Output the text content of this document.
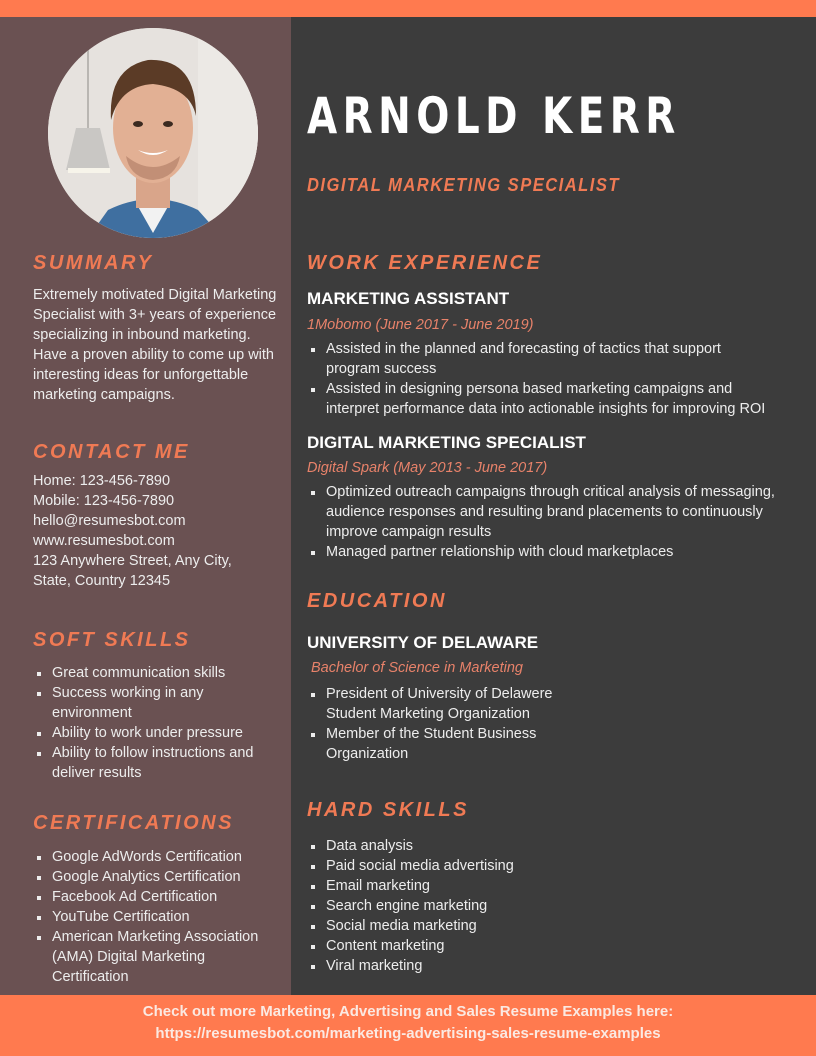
SUMMARY
Extremely motivated Digital Marketing Specialist with 3+ years of experience specializing in inbound marketing. Have a proven ability to come up with interesting ideas for unforgettable marketing campaigns.
CONTACT ME
Home: 123-456-7890
Mobile: 123-456-7890
hello@resumesbot.com
www.resumesbot.com
123 Anywhere Street, Any City,
State, Country 12345
SOFT SKILLS
Great communication skills
Success working in any environment
Ability to work under pressure
Ability to follow instructions and deliver results
CERTIFICATIONS
Google AdWords Certification
Google Analytics Certification
Facebook Ad Certification
YouTube Certification
American Marketing Association (AMA) Digital Marketing Certification
ARNOLD KERR
DIGITAL MARKETING SPECIALIST
WORK EXPERIENCE
MARKETING ASSISTANT
1Mobomo (June 2017 - June 2019)
Assisted in the planned and forecasting of tactics that support program success
Assisted in designing persona based marketing campaigns and interpret performance data into actionable insights for improving ROI
DIGITAL MARKETING SPECIALIST
Digital Spark (May 2013 - June 2017)
Optimized outreach campaigns through critical analysis of messaging, audience responses and resulting brand placements to continuously improve campaign results
Managed partner relationship with cloud marketplaces
EDUCATION
UNIVERSITY OF DELAWARE
Bachelor of Science in Marketing
President of University of Delawere Student Marketing Organization
Member of the Student Business Organization
HARD SKILLS
Data analysis
Paid social media advertising
Email marketing
Search engine marketing
Social media marketing
Content marketing
Viral marketing
Check out more Marketing, Advertising and Sales Resume Examples here:
https://resumesbot.com/marketing-advertising-sales-resume-examples
